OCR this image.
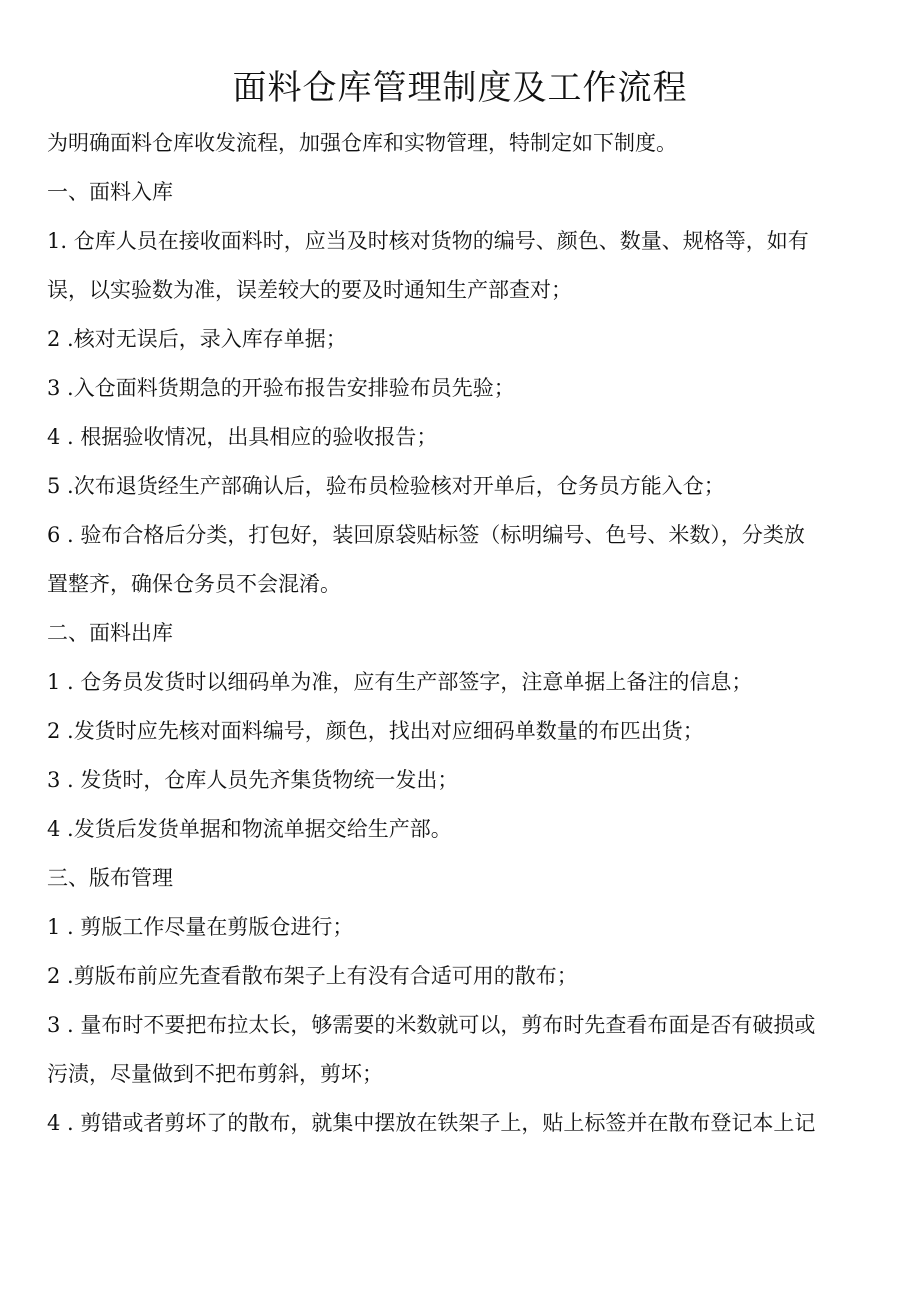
面料仓库管理制度及工作流程

为明确面料仓库收发流程，加强仓库和实物管理，特制定如下制度。

一、面料入库

1. 仓库人员在接收面料时，应当及时核对货物的编号、颜色、数量、规格等，如有

误，以实验数为准，误差较大的要及时通知生产部查对；

2 .核对无误后，录入库存单据；

3 .入仓面料货期急的开验布报告安排验布员先验；

4 . 根据验收情况，出具相应的验收报告；

5 .次布退货经生产部确认后，验布员检验核对开单后，仓务员方能入仓；

6 . 验布合格后分类，打包好，装回原袋贴标签（标明编号、色号、米数），分类放

置整齐，确保仓务员不会混淆。

二、面料出库

1 . 仓务员发货时以细码单为准，应有生产部签字，注意单据上备注的信息；

2 .发货时应先核对面料编号，颜色，找出对应细码单数量的布匹出货；

3 . 发货时，仓库人员先齐集货物统一发出；

4 .发货后发货单据和物流单据交给生产部。

三、版布管理

1 . 剪版工作尽量在剪版仓进行；

2 .剪版布前应先查看散布架子上有没有合适可用的散布；

3 . 量布时不要把布拉太长，够需要的米数就可以，剪布时先查看布面是否有破损或

污渍，尽量做到不把布剪斜，剪坏；

4 . 剪错或者剪坏了的散布，就集中摆放在铁架子上，贴上标签并在散布登记本上记
